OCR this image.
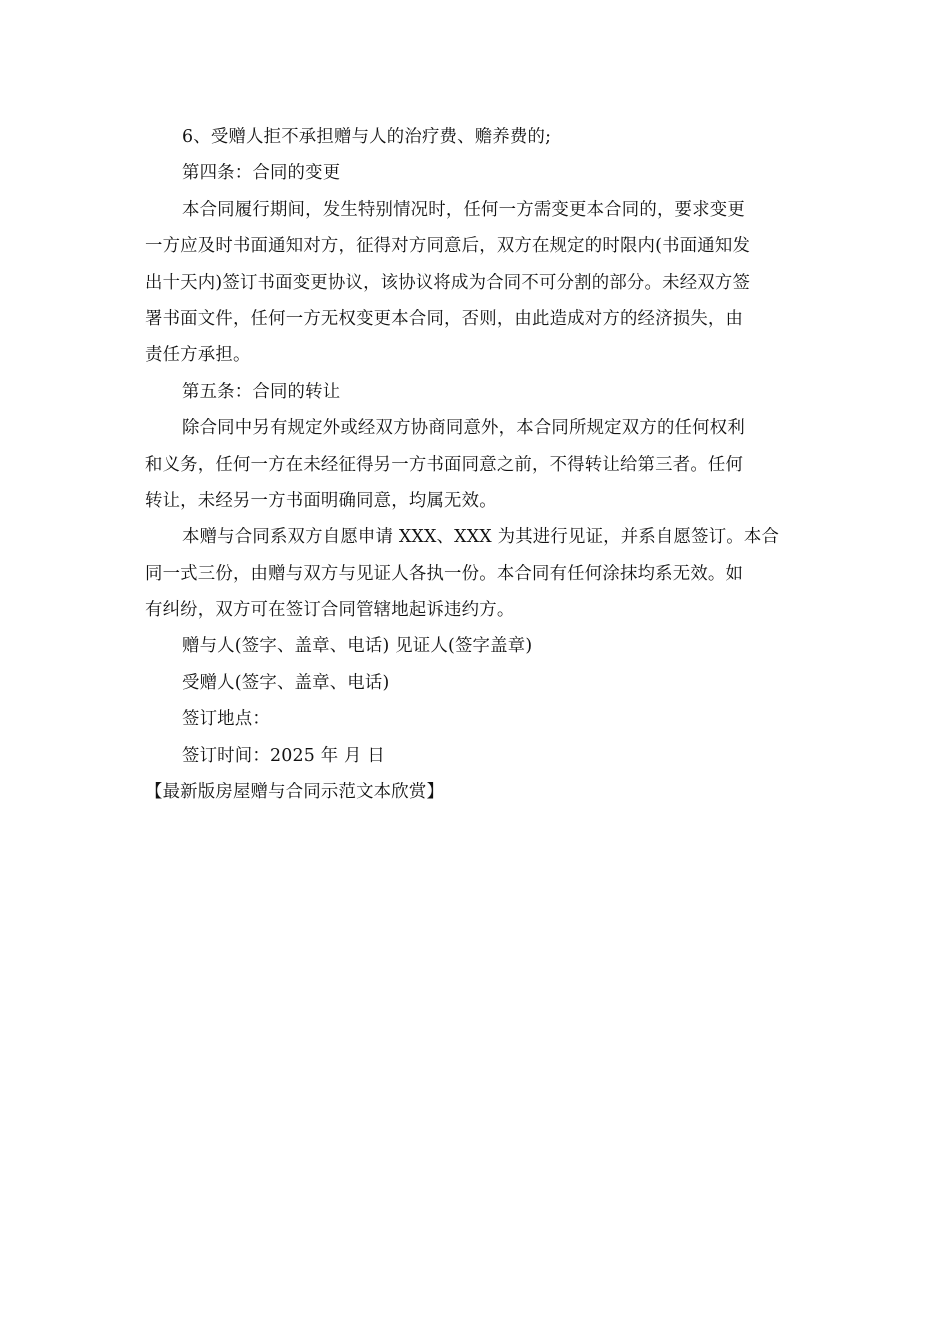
6、受赠人拒不承担赠与人的治疗费、赡养费的;

第四条：合同的变更

本合同履行期间，发生特别情况时，任何一方需变更本合同的，要求变更

一方应及时书面通知对方，征得对方同意后，双方在规定的时限内(书面通知发

出十天内)签订书面变更协议，该协议将成为合同不可分割的部分。未经双方签

署书面文件，任何一方无权变更本合同，否则，由此造成对方的经济损失，由

责任方承担。

第五条：合同的转让

除合同中另有规定外或经双方协商同意外，本合同所规定双方的任何权利

和义务，任何一方在未经征得另一方书面同意之前，不得转让给第三者。任何

转让，未经另一方书面明确同意，均属无效。

本赠与合同系双方自愿申请 XXX、XXX 为其进行见证，并系自愿签订。本合

同一式三份，由赠与双方与见证人各执一份。本合同有任何涂抹均系无效。如

有纠纷，双方可在签订合同管辖地起诉违约方。

赠与人(签字、盖章、电话) 见证人(签字盖章)

受赠人(签字、盖章、电话)

签订地点：

签订时间：2025 年 月 日

【最新版房屋赠与合同示范文本欣赏】
